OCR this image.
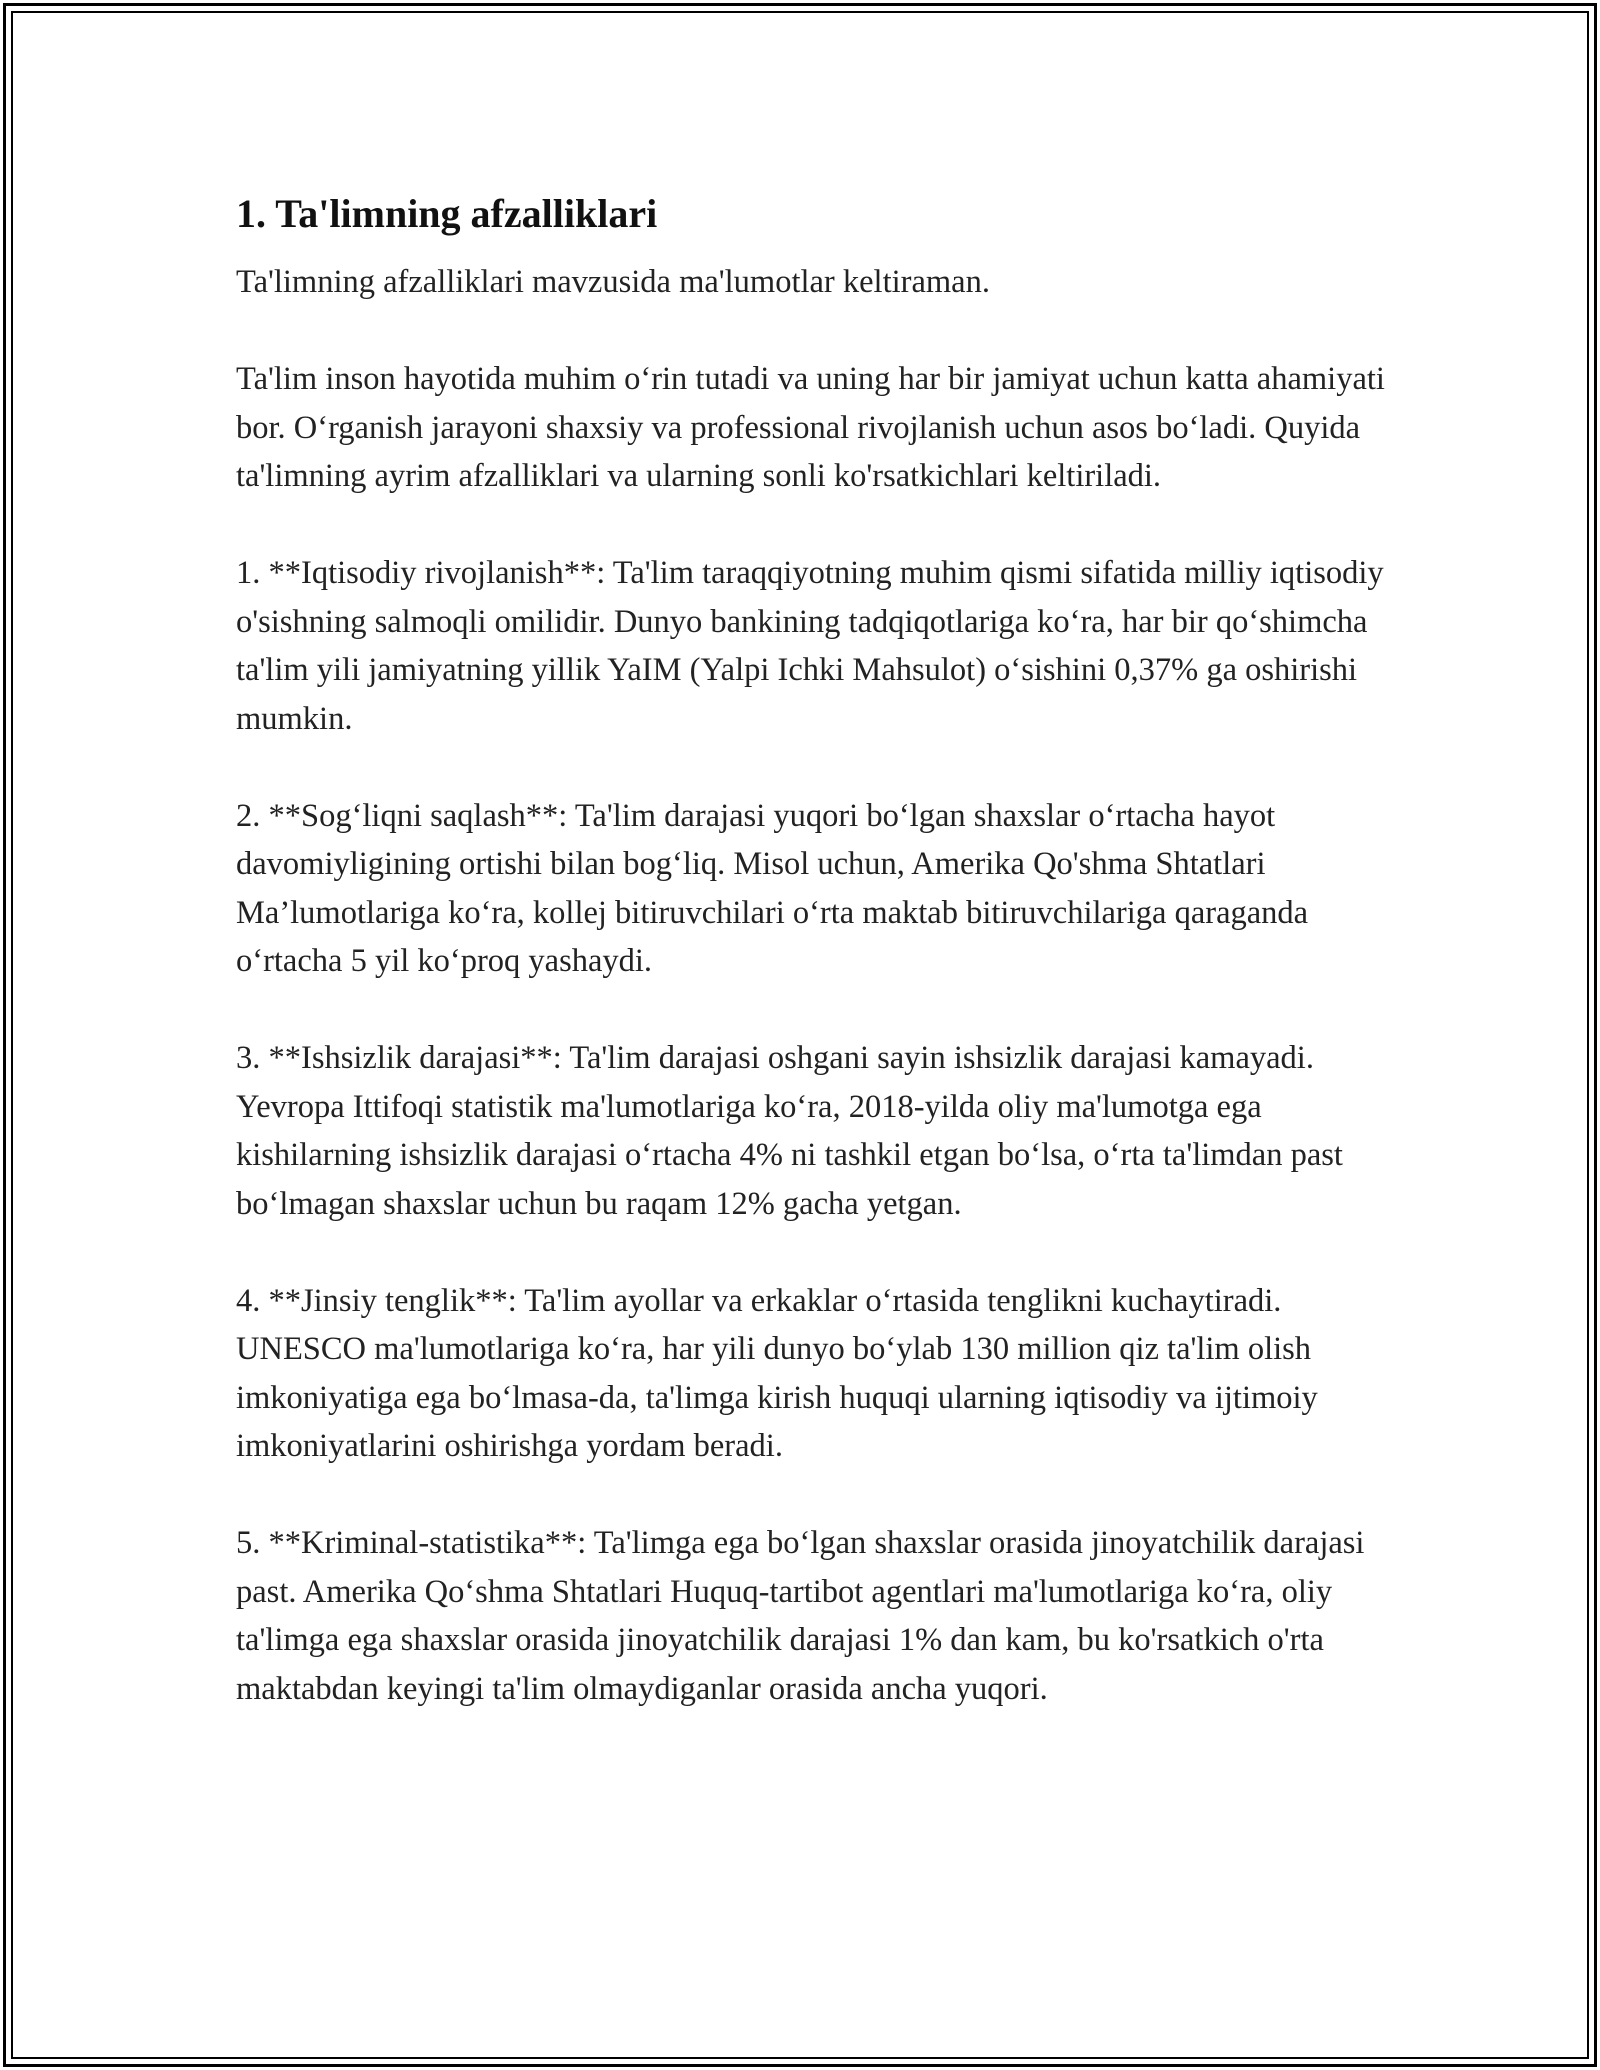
1. Ta'limning afzalliklari

Ta'limning afzalliklari mavzusida ma'lumotlar keltiraman.

Ta'lim inson hayotida muhim oʻrin tutadi va uning har bir jamiyat uchun katta ahamiyati bor. Oʻrganish jarayoni shaxsiy va professional rivojlanish uchun asos boʻladi. Quyida ta'limning ayrim afzalliklari va ularning sonli ko'rsatkichlari keltiriladi.

1. **Iqtisodiy rivojlanish**: Ta'lim taraqqiyotning muhim qismi sifatida milliy iqtisodiy o'sishning salmoqli omilidir. Dunyo bankining tadqiqotlariga koʻra, har bir qoʻshimcha ta'lim yili jamiyatning yillik YaIM (Yalpi Ichki Mahsulot) oʻsishini 0,37% ga oshirishi mumkin.

2. **Sogʻliqni saqlash**: Ta'lim darajasi yuqori boʻlgan shaxslar oʻrtacha hayot davomiyligining ortishi bilan bogʻliq. Misol uchun, Amerika Qo'shma Shtatlari Ma’lumotlariga koʻra, kollej bitiruvchilari oʻrta maktab bitiruvchilariga qaraganda oʻrtacha 5 yil koʻproq yashaydi.

3. **Ishsizlik darajasi**: Ta'lim darajasi oshgani sayin ishsizlik darajasi kamayadi. Yevropa Ittifoqi statistik ma'lumotlariga koʻra, 2018-yilda oliy ma'lumotga ega kishilarning ishsizlik darajasi oʻrtacha 4% ni tashkil etgan boʻlsa, oʻrta ta'limdan past boʻlmagan shaxslar uchun bu raqam 12% gacha yetgan.

4. **Jinsiy tenglik**: Ta'lim ayollar va erkaklar oʻrtasida tenglikni kuchaytiradi. UNESCO ma'lumotlariga koʻra, har yili dunyo boʻylab 130 million qiz ta'lim olish imkoniyatiga ega boʻlmasa-da, ta'limga kirish huquqi ularning iqtisodiy va ijtimoiy imkoniyatlarini oshirishga yordam beradi.

5. **Kriminal-statistika**: Ta'limga ega boʻlgan shaxslar orasida jinoyatchilik darajasi past. Amerika Qoʻshma Shtatlari Huquq-tartibot agentlari ma'lumotlariga koʻra, oliy ta'limga ega shaxslar orasida jinoyatchilik darajasi 1% dan kam, bu ko'rsatkich o'rta maktabdan keyingi ta'lim olmaydiganlar orasida ancha yuqori.
